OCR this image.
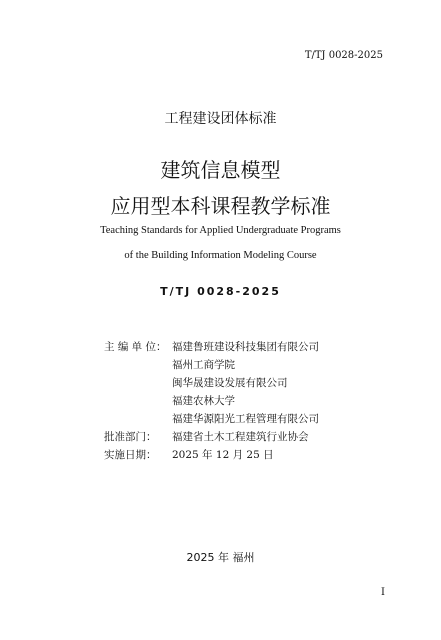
T/TJ 0028-2025
工程建设团体标准
建筑信息模型
应用型本科课程教学标准
Teaching Standards for Applied Undergraduate Programs
of the Building Information Modeling Course
T/TJ 0028-2025
主 编 单 位： 福建鲁班建设科技集团有限公司
福州工商学院
闽华晟建设发展有限公司
福建农林大学
福建华源阳光工程管理有限公司
批准部门：	福建省土木工程建筑行业协会
实施日期：	2025 年 12 月 25 日
2025 年 福州
I
